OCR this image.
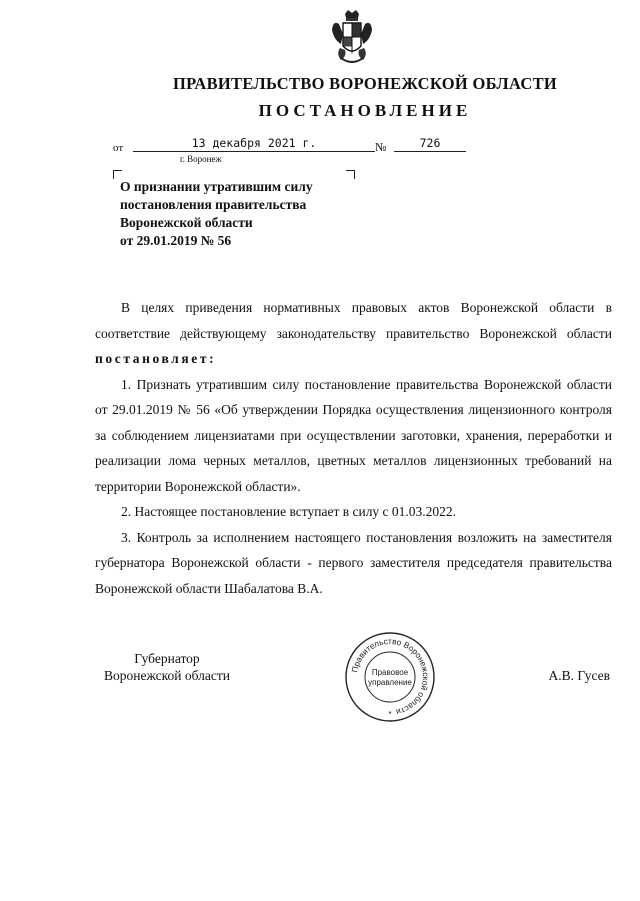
ПРАВИТЕЛЬСТВО ВОРОНЕЖСКОЙ ОБЛАСТИ
ПОСТАНОВЛЕНИЕ
от	13 декабря 2021 г.	№	726
г. Воронеж
О признании утратившим силу
постановления правительства
Воронежской области
от 29.01.2019 № 56

В целях приведения нормативных правовых актов Воронежской области в соответствие действующему законодательству правительство Воронежской области постановляет:

1. Признать утратившим силу постановление правительства Воронежской области от 29.01.2019 № 56 «Об утверждении Порядка осуществления лицензионного контроля за соблюдением лицензиатами при осуществлении заготовки, хранения, переработки и реализации лома черных металлов, цветных металлов лицензионных требований на территории Воронежской области».

2. Настоящее постановление вступает в силу с 01.03.2022.

3. Контроль за исполнением настоящего постановления возложить на заместителя губернатора Воронежской области - первого заместителя председателя правительства Воронежской области Шабалатова В.А.

Губернатор
Воронежской области	Правительство Воронежской области
Правовое
управление
*
А.В. Гусев
